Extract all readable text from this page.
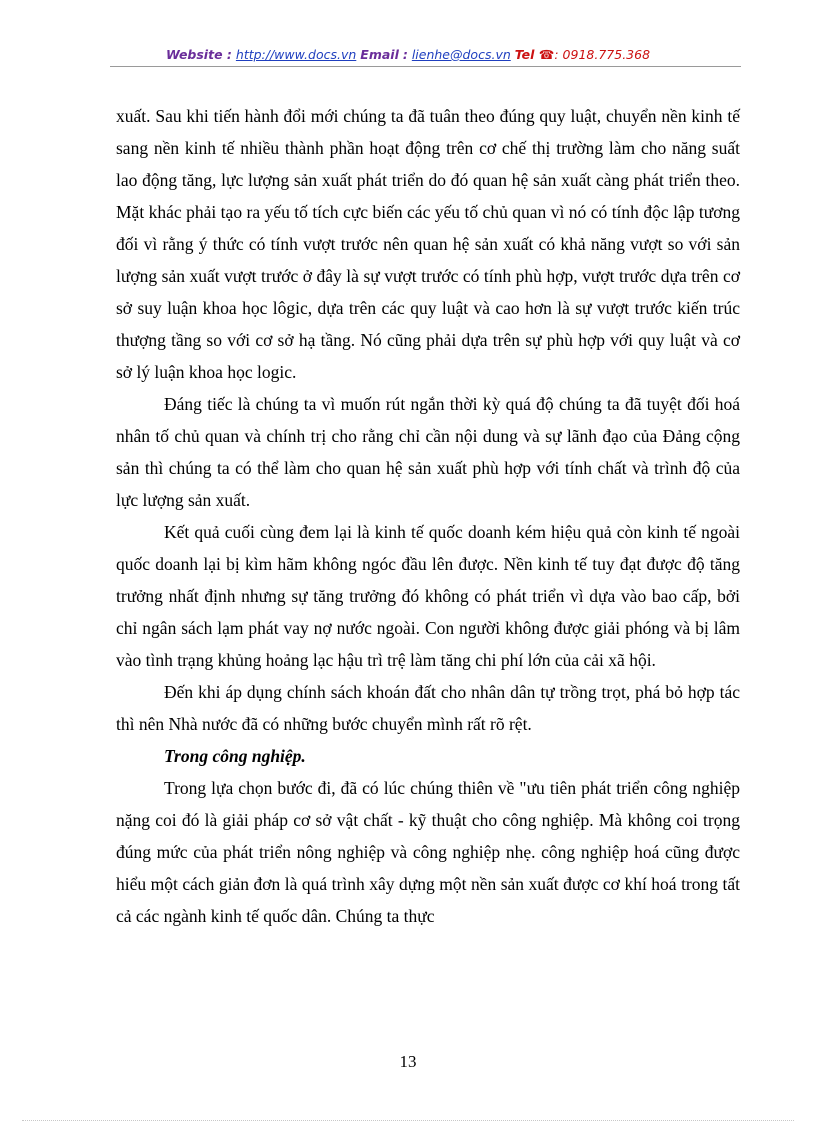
Website : http://www.docs.vn Email : lienhe@docs.vn Tel ☎: 0918.775.368

xuất. Sau khi tiến hành đổi mới chúng ta đã tuân theo đúng quy luật, chuyển nền kinh tế sang nền kinh tế nhiều thành phần hoạt động trên cơ chế thị trường làm cho năng suất lao động tăng, lực lượng sản xuất phát triển do đó quan hệ sản xuất càng phát triển theo. Mặt khác phải tạo ra yếu tố tích cực biến các yếu tố chủ quan vì nó có tính độc lập tương đối vì rằng ý thức có tính vượt trước nên quan hệ sản xuất có khả năng vượt so với sản lượng sản xuất vượt trước ở đây là sự vượt trước có tính phù hợp, vượt trước dựa trên cơ sở suy luận khoa học lôgic, dựa trên các quy luật và cao hơn là sự vượt trước kiến trúc thượng tầng so với cơ sở hạ tầng. Nó cũng phải dựa trên sự phù hợp với quy luật và cơ sở lý luận khoa học logic.

Đáng tiếc là chúng ta vì muốn rút ngắn thời kỳ quá độ chúng ta đã tuyệt đối hoá nhân tố chủ quan và chính trị cho rằng chỉ cần nội dung và sự lãnh đạo của Đảng cộng sản thì chúng ta có thể làm cho quan hệ sản xuất phù hợp với tính chất và trình độ của lực lượng sản xuất.

Kết quả cuối cùng đem lại là kinh tế quốc doanh kém hiệu quả còn kinh tế ngoài quốc doanh lại bị kìm hãm không ngóc đầu lên được. Nền kinh tế tuy đạt được độ tăng trưởng nhất định nhưng sự tăng trưởng đó không có phát triển vì dựa vào bao cấp, bởi chỉ ngân sách lạm phát vay nợ nước ngoài. Con người không được giải phóng và bị lâm vào tình trạng khủng hoảng lạc hậu trì trệ làm tăng chi phí lớn của cải xã hội.

Đến khi áp dụng chính sách khoán đất cho nhân dân tự trồng trọt, phá bỏ hợp tác thì nên Nhà nước đã có những bước chuyển mình rất rõ rệt.

Trong công nghiệp.

Trong lựa chọn bước đi, đã có lúc chúng thiên về "ưu tiên phát triển công nghiệp nặng coi đó là giải pháp cơ sở vật chất - kỹ thuật cho công nghiệp. Mà không coi trọng đúng mức của phát triển nông nghiệp và công nghiệp nhẹ. công nghiệp hoá cũng được hiểu một cách giản đơn là quá trình xây dựng một nền sản xuất được cơ khí hoá trong tất cả các ngành kinh tế quốc dân. Chúng ta thực

13
